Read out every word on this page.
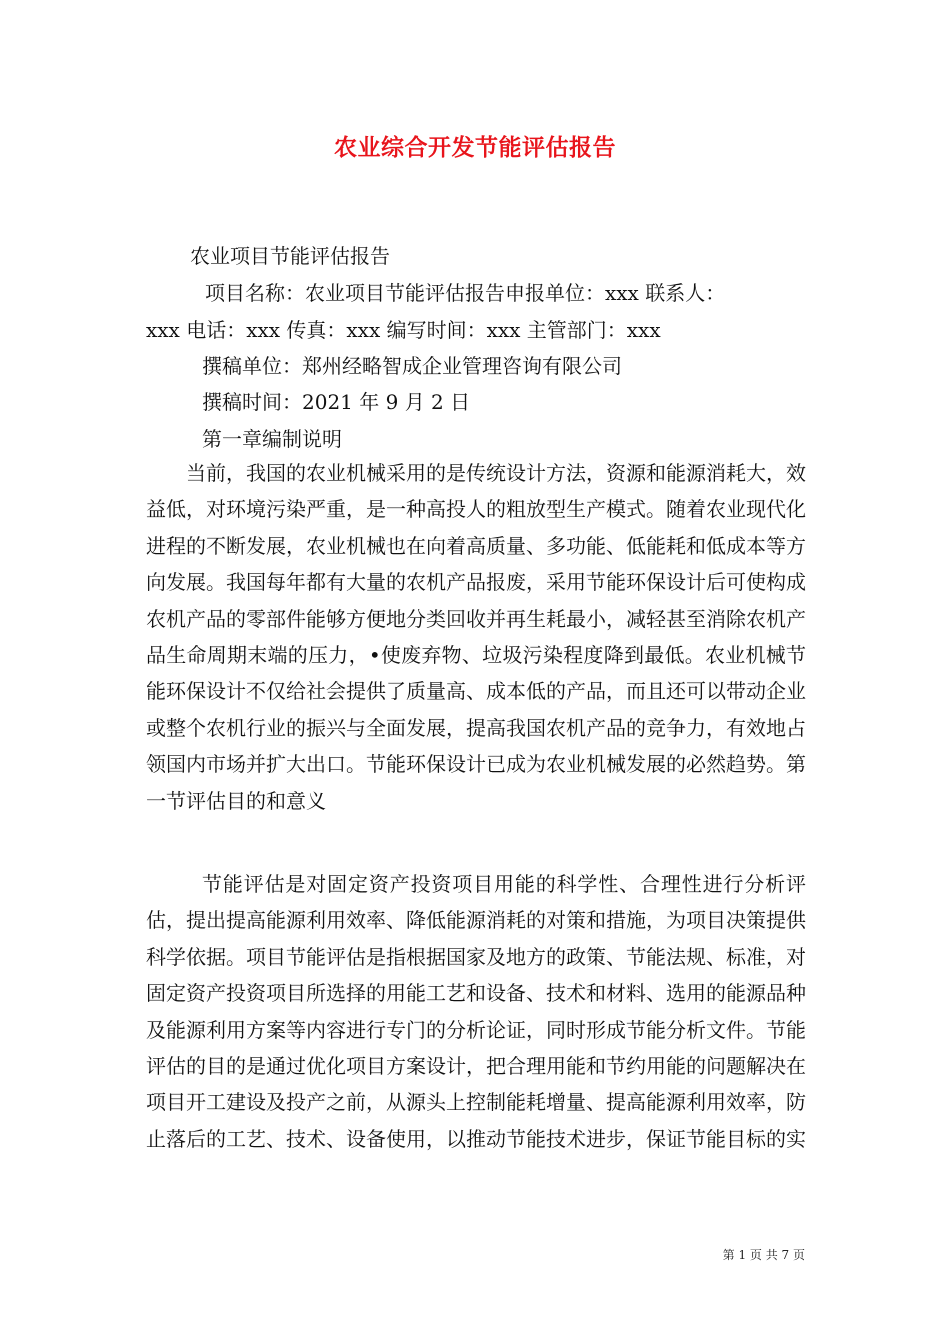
农业综合开发节能评估报告
农业项目节能评估报告
项目名称：农业项目节能评估报告申报单位：xxx 联系人：
xxx 电话：xxx 传真：xxx 编写时间：xxx 主管部门：xxx
撰稿单位：郑州经略智成企业管理咨询有限公司
撰稿时间：2021 年 9 月 2 日
第一章编制说明
当前，我国的农业机械采用的是传统设计方法，资源和能源消耗大，效益低，对环境污染严重，是一种高投人的粗放型生产模式。随着农业现代化进程的不断发展，农业机械也在向着高质量、多功能、低能耗和低成本等方向发展。我国每年都有大量的农机产品报废，采用节能环保设计后可使构成农机产品的零部件能够方便地分类回收并再生耗最小，减轻甚至消除农机产品生命周期末端的压力，•使废弃物、垃圾污染程度降到最低。农业机械节能环保设计不仅给社会提供了质量高、成本低的产品，而且还可以带动企业或整个农机行业的振兴与全面发展，提高我国农机产品的竞争力，有效地占领国内市场并扩大出口。节能环保设计已成为农业机械发展的必然趋势。第一节评估目的和意义
节能评估是对固定资产投资项目用能的科学性、合理性进行分析评估，提出提高能源利用效率、降低能源消耗的对策和措施，为项目决策提供科学依据。项目节能评估是指根据国家及地方的政策、节能法规、标准，对固定资产投资项目所选择的用能工艺和设备、技术和材料、选用的能源品种及能源利用方案等内容进行专门的分析论证，同时形成节能分析文件。节能评估的目的是通过优化项目方案设计，把合理用能和节约用能的问题解决在项目开工建设及投产之前，从源头上控制能耗增量、提高能源利用效率，防止落后的工艺、技术、设备使用，以推动节能技术进步，保证节能目标的实
第 1 页 共 7 页
